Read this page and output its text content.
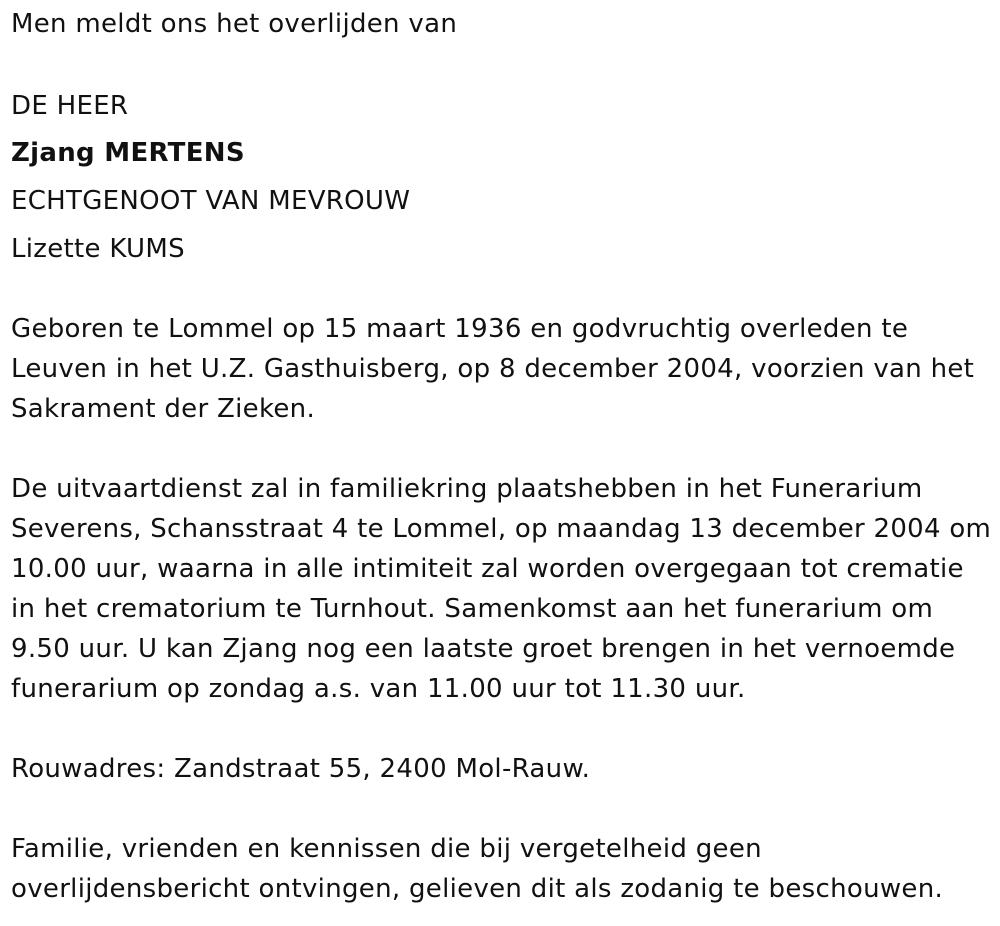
Men meldt ons het overlijden van
DE HEER
Zjang MERTENS
ECHTGENOOT VAN MEVROUW
Lizette KUMS
Geboren te Lommel op 15 maart 1936 en godvruchtig overleden te
Leuven in het U.Z. Gasthuisberg, op 8 december 2004, voorzien van het
Sakrament der Zieken.
De uitvaartdienst zal in familiekring plaatshebben in het Funerarium
Severens, Schansstraat 4 te Lommel, op maandag 13 december 2004 om
10.00 uur, waarna in alle intimiteit zal worden overgegaan tot crematie
in het crematorium te Turnhout. Samenkomst aan het funerarium om
9.50 uur. U kan Zjang nog een laatste groet brengen in het vernoemde
funerarium op zondag a.s. van 11.00 uur tot 11.30 uur.
Rouwadres: Zandstraat 55, 2400 Mol-Rauw.
Familie, vrienden en kennissen die bij vergetelheid geen
overlijdensbericht ontvingen, gelieven dit als zodanig te beschouwen.
